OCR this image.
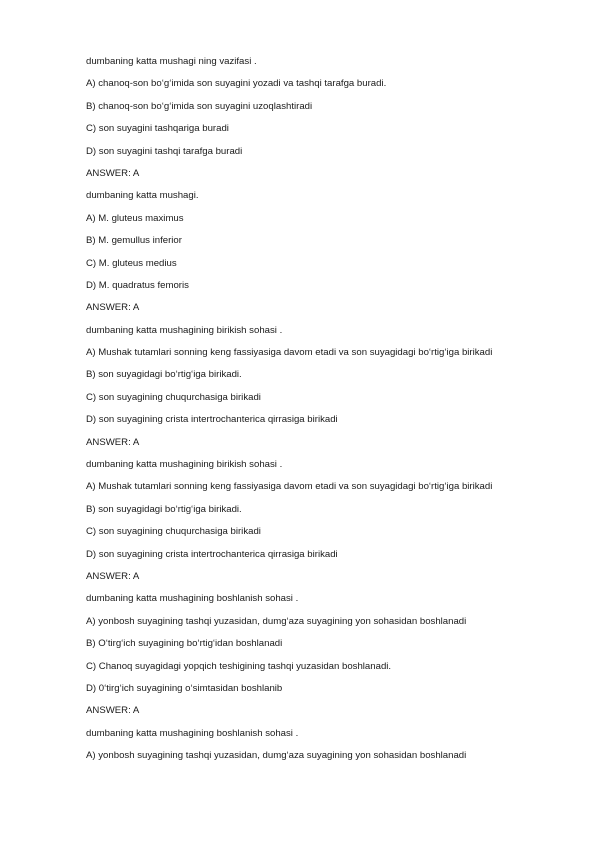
dumbaning katta mushagi ning vazifasi .
A) chanoq-son bo‘g‘imida son suyagini yozadi va tashqi tarafga buradi.
B) chanoq-son bo‘g‘imida son suyagini uzoqlashtiradi
C) son suyagini tashqariga buradi
D) son suyagini tashqi tarafga buradi
ANSWER: A
dumbaning katta mushagi.
A) M. gluteus maximus
B) M. gemullus inferior
C) M. gluteus medius
D) M. quadratus femoris
ANSWER: A
dumbaning katta mushagining birikish sohasi .
A) Mushak tutamlari sonning keng fassiyasiga davom etadi va son suyagidagi bo‘rtig‘iga birikadi
B) son suyagidagi bo‘rtig‘iga birikadi.
C) son suyagining chuqurchasiga birikadi
D) son suyagining crista intertrochanterica qirrasiga birikadi
ANSWER: A
dumbaning katta mushagining birikish sohasi .
A) Mushak tutamlari sonning keng fassiyasiga davom etadi va son suyagidagi bo‘rtig‘iga birikadi
B) son suyagidagi bo‘rtig‘iga birikadi.
C) son suyagining chuqurchasiga birikadi
D) son suyagining crista intertrochanterica qirrasiga birikadi
ANSWER: A
dumbaning katta mushagining boshlanish sohasi .
A) yonbosh suyagining tashqi yuzasidan, dumg‘aza suyagining yon sohasidan boshlanadi
B) O‘tirg‘ich suyagining bo‘rtig‘idan boshlanadi
C) Chanoq suyagidagi yopqich teshigining tashqi yuzasidan boshlanadi.
D) 0‘tirg‘ich suyagining o‘simtasidan boshlanib
ANSWER: A
dumbaning katta mushagining boshlanish sohasi .
A) yonbosh suyagining tashqi yuzasidan, dumg‘aza suyagining yon sohasidan boshlanadi
